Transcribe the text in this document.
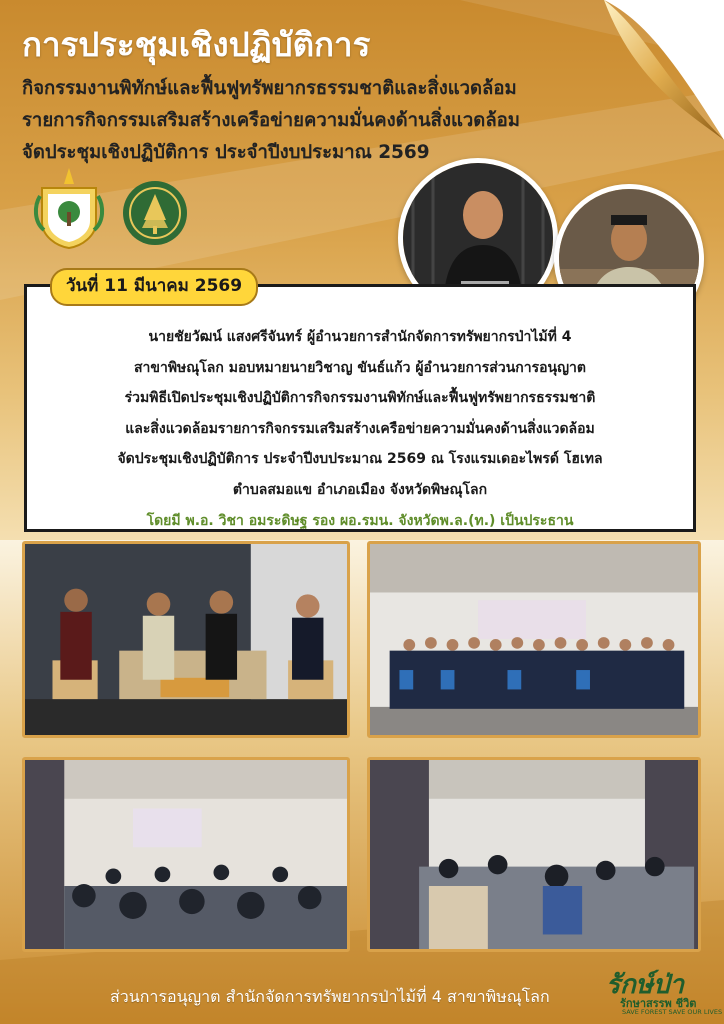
การประชุมเชิงปฏิบัติการ
กิจกรรมงานพิทักษ์และฟื้นฟูทรัพยากรธรรมชาติและสิ่งแวดล้อม
รายการกิจกรรมเสริมสร้างเครือข่ายความมั่นคงด้านสิ่งแวดล้อม
จัดประชุมเชิงปฏิบัติการ ประจำปีงบประมาณ 2569
วันที่ 11 มีนาคม 2569
นายชัยวัฒน์ แสงศรีจันทร์ ผู้อำนวยการสำนักจัดการทรัพยากรป่าไม้ที่ 4
สาขาพิษณุโลก มอบหมายนายวิชาญ ขันธ์แก้ว ผู้อำนวยการส่วนการอนุญาต
ร่วมพิธีเปิดประชุมเชิงปฏิบัติการกิจกรรมงานพิทักษ์และฟื้นฟูทรัพยากรธรรมชาติ
และสิ่งแวดล้อมรายการกิจกรรมเสริมสร้างเครือข่ายความมั่นคงด้านสิ่งแวดล้อม
จัดประชุมเชิงปฏิบัติการ ประจำปีงบประมาณ 2569 ณ โรงแรมเดอะไพรด์ โฮเทล
ตำบลสมอแข อำเภอเมือง จังหวัดพิษณุโลก
โดยมี พ.อ. วิชา อมระดิษฐ รอง ผอ.รมน. จังหวัดพ.ล.(ท.) เป็นประธาน
ส่วนการอนุญาต สำนักจัดการทรัพยากรป่าไม้ที่ 4 สาขาพิษณุโลก รักษ์ป่า
รักษาสรรพ ชีวิต
SAVE FOREST SAVE OUR LIVES
